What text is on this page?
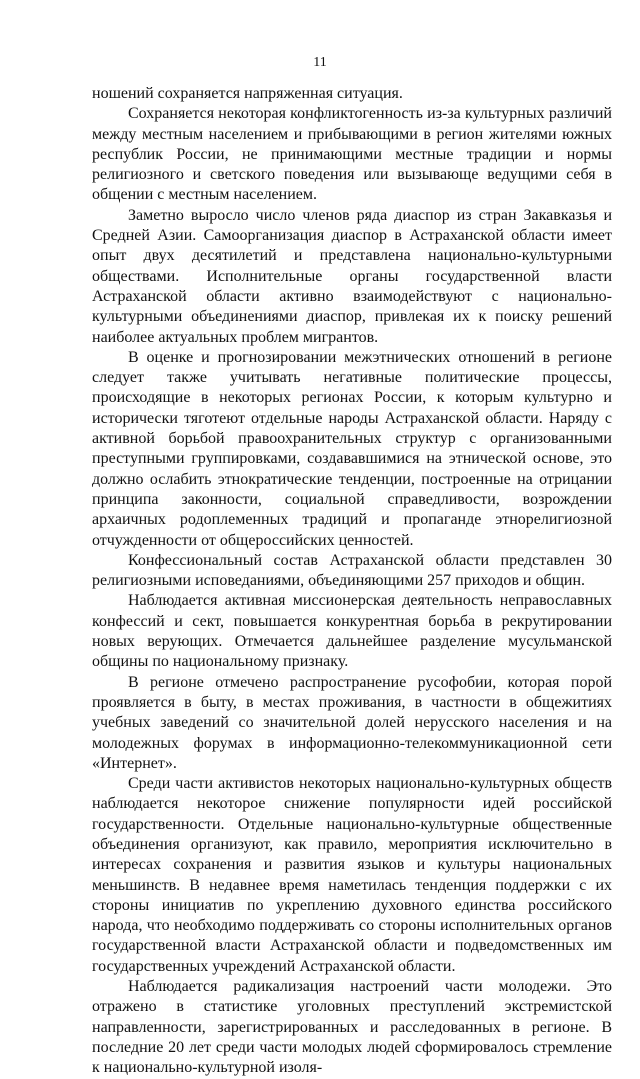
11

ношений сохраняется напряженная ситуация.

Сохраняется некоторая конфликтогенность из-за культурных различий между местным населением и прибывающими в регион жителями южных республик России, не принимающими местные традиции и нормы религиозного и светского поведения или вызывающе ведущими себя в общении с местным населением.

Заметно выросло число членов ряда диаспор из стран Закавказья и Средней Азии. Самоорганизация диаспор в Астраханской области имеет опыт двух десятилетий и представлена национально-культурными обществами. Исполнительные органы государственной власти Астраханской области активно взаимодействуют с национально-культурными объединениями диаспор, привлекая их к поиску решений наиболее актуальных проблем мигрантов.

В оценке и прогнозировании межэтнических отношений в регионе следует также учитывать негативные политические процессы, происходящие в некоторых регионах России, к которым культурно и исторически тяготеют отдельные народы Астраханской области. Наряду с активной борьбой правоохранительных структур с организованными преступными группировками, создававшимися на этнической основе, это должно ослабить этнократические тенденции, построенные на отрицании принципа законности, социальной справедливости, возрождении архаичных родоплеменных традиций и пропаганде этнорелигиозной отчужденности от общероссийских ценностей.

Конфессиональный состав Астраханской области представлен 30 религиозными исповеданиями, объединяющими 257 приходов и общин.

Наблюдается активная миссионерская деятельность неправославных конфессий и сект, повышается конкурентная борьба в рекрутировании новых верующих. Отмечается дальнейшее разделение мусульманской общины по национальному признаку.

В регионе отмечено распространение русофобии, которая порой проявляется в быту, в местах проживания, в частности в общежитиях учебных заведений со значительной долей нерусского населения и на молодежных форумах в информационно-телекоммуникационной сети «Интернет».

Среди части активистов некоторых национально-культурных обществ наблюдается некоторое снижение популярности идей российской государственности. Отдельные национально-культурные общественные объединения организуют, как правило, мероприятия исключительно в интересах сохранения и развития языков и культуры национальных меньшинств. В недавнее время наметилась тенденция поддержки с их стороны инициатив по укреплению духовного единства российского народа, что необходимо поддерживать со стороны исполнительных органов государственной власти Астраханской области и подведомственных им государственных учреждений Астраханской области.

Наблюдается радикализация настроений части молодежи. Это отражено в статистике уголовных преступлений экстремистской направленности, зарегистрированных и расследованных в регионе. В последние 20 лет среди части молодых людей сформировалось стремление к национально-культурной изоля-
